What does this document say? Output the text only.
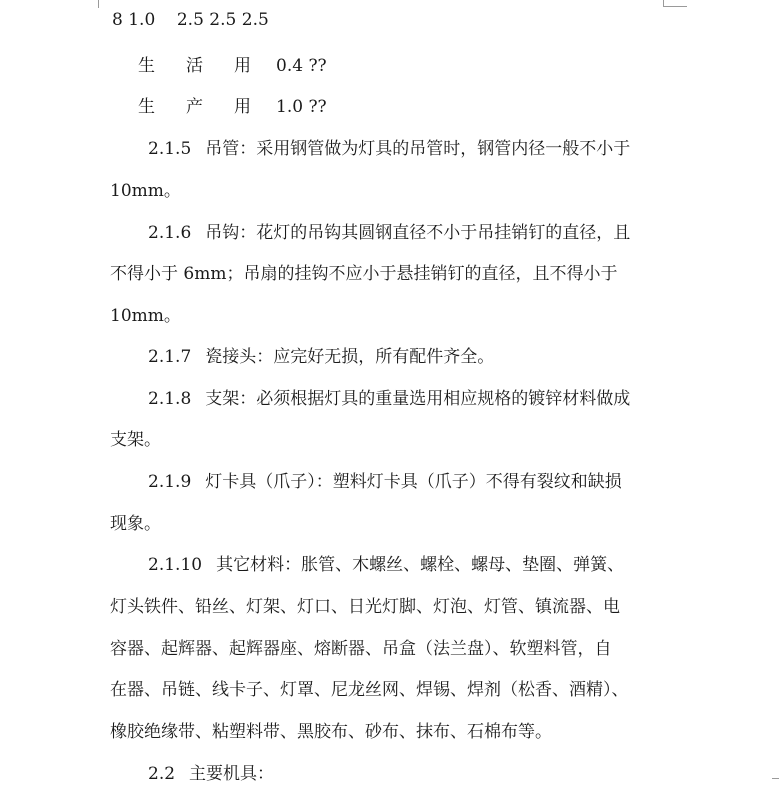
8 1.0    2.5 2.5 2.5
生 活 用 0.4 ??
生 产 用 1.0 ??
2.1.5 吊管：采用钢管做为灯具的吊管时，钢管内径一般不小于
10mm。
2.1.6 吊钩：花灯的吊钩其圆钢直径不小于吊挂销钉的直径，且
不得小于 6mm；吊扇的挂钩不应小于悬挂销钉的直径，且不得小于
10mm。
2.1.7 瓷接头：应完好无损，所有配件齐全。
2.1.8 支架：必须根据灯具的重量选用相应规格的镀锌材料做成
支架。
2.1.9 灯卡具（爪子）：塑料灯卡具（爪子）不得有裂纹和缺损
现象。
2.1.10 其它材料：胀管、木螺丝、螺栓、螺母、垫圈、弹簧、
灯头铁件、铅丝、灯架、灯口、日光灯脚、灯泡、灯管、镇流器、电
容器、起辉器、起辉器座、熔断器、吊盒（法兰盘）、软塑料管，自
在器、吊链、线卡子、灯罩、尼龙丝网、焊锡、焊剂（松香、酒精）、
橡胶绝缘带、粘塑料带、黑胶布、砂布、抹布、石棉布等。
2.2 主要机具：
